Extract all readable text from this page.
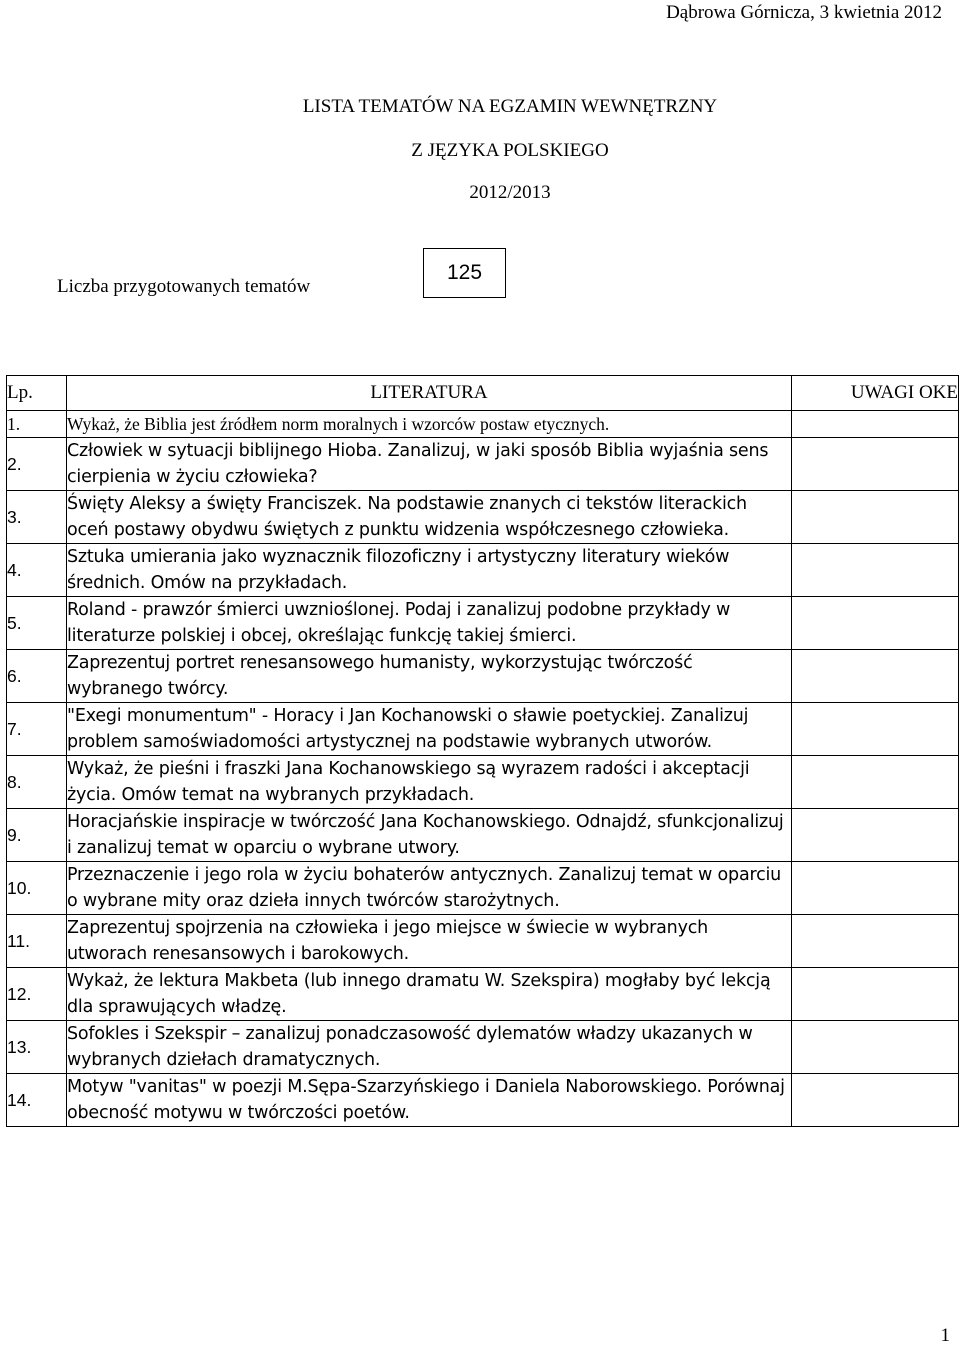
Dąbrowa Górnicza, 3 kwietnia 2012
LISTA TEMATÓW NA EGZAMIN WEWNĘTRZNY
Z JĘZYKA POLSKIEGO
2012/2013
Liczba przygotowanych tematów
125
Lp.	LITERATURA	UWAGI OKE
1.	Wykaż, że Biblia jest źródłem norm moralnych i wzorców postaw etycznych.	
2.	Człowiek w sytuacji biblijnego Hioba. Zanalizuj, w jaki sposób Biblia wyjaśnia sens cierpienia w życiu człowieka?	
3.	Święty Aleksy a święty Franciszek. Na podstawie znanych ci tekstów literackich oceń postawy obydwu świętych z punktu widzenia współczesnego człowieka.	
4.	Sztuka umierania jako wyznacznik filozoficzny i artystyczny literatury wieków średnich. Omów na przykładach.	
5.	Roland - prawzór śmierci uwznioślonej. Podaj i zanalizuj podobne przykłady w literaturze polskiej i obcej, określając funkcję takiej śmierci.	
6.	Zaprezentuj portret renesansowego humanisty, wykorzystując twórczość wybranego twórcy.	
7.	"Exegi monumentum" - Horacy i Jan Kochanowski o sławie poetyckiej. Zanalizuj problem samoświadomości artystycznej na podstawie wybranych utworów.	
8.	Wykaż, że pieśni i fraszki Jana Kochanowskiego są wyrazem radości i akceptacji życia. Omów temat na wybranych przykładach.	
9.	Horacjańskie inspiracje w twórczość Jana Kochanowskiego. Odnajdź, sfunkcjonalizuj i zanalizuj temat w oparciu o wybrane utwory.	
10.	Przeznaczenie i jego rola w życiu bohaterów antycznych. Zanalizuj temat w oparciu o wybrane mity oraz dzieła innych twórców starożytnych.	
11.	Zaprezentuj spojrzenia na człowieka i jego miejsce w świecie w wybranych utworach renesansowych i barokowych.	
12.	Wykaż, że lektura Makbeta (lub innego dramatu W. Szekspira) mogłaby być lekcją dla sprawujących władzę.	
13.	Sofokles i Szekspir – zanalizuj ponadczasowość dylematów władzy ukazanych w wybranych dziełach dramatycznych.	
14.	Motyw "vanitas" w poezji M.Sępa-Szarzyńskiego i Daniela Naborowskiego. Porównaj obecność motywu w twórczości poetów.	
1
